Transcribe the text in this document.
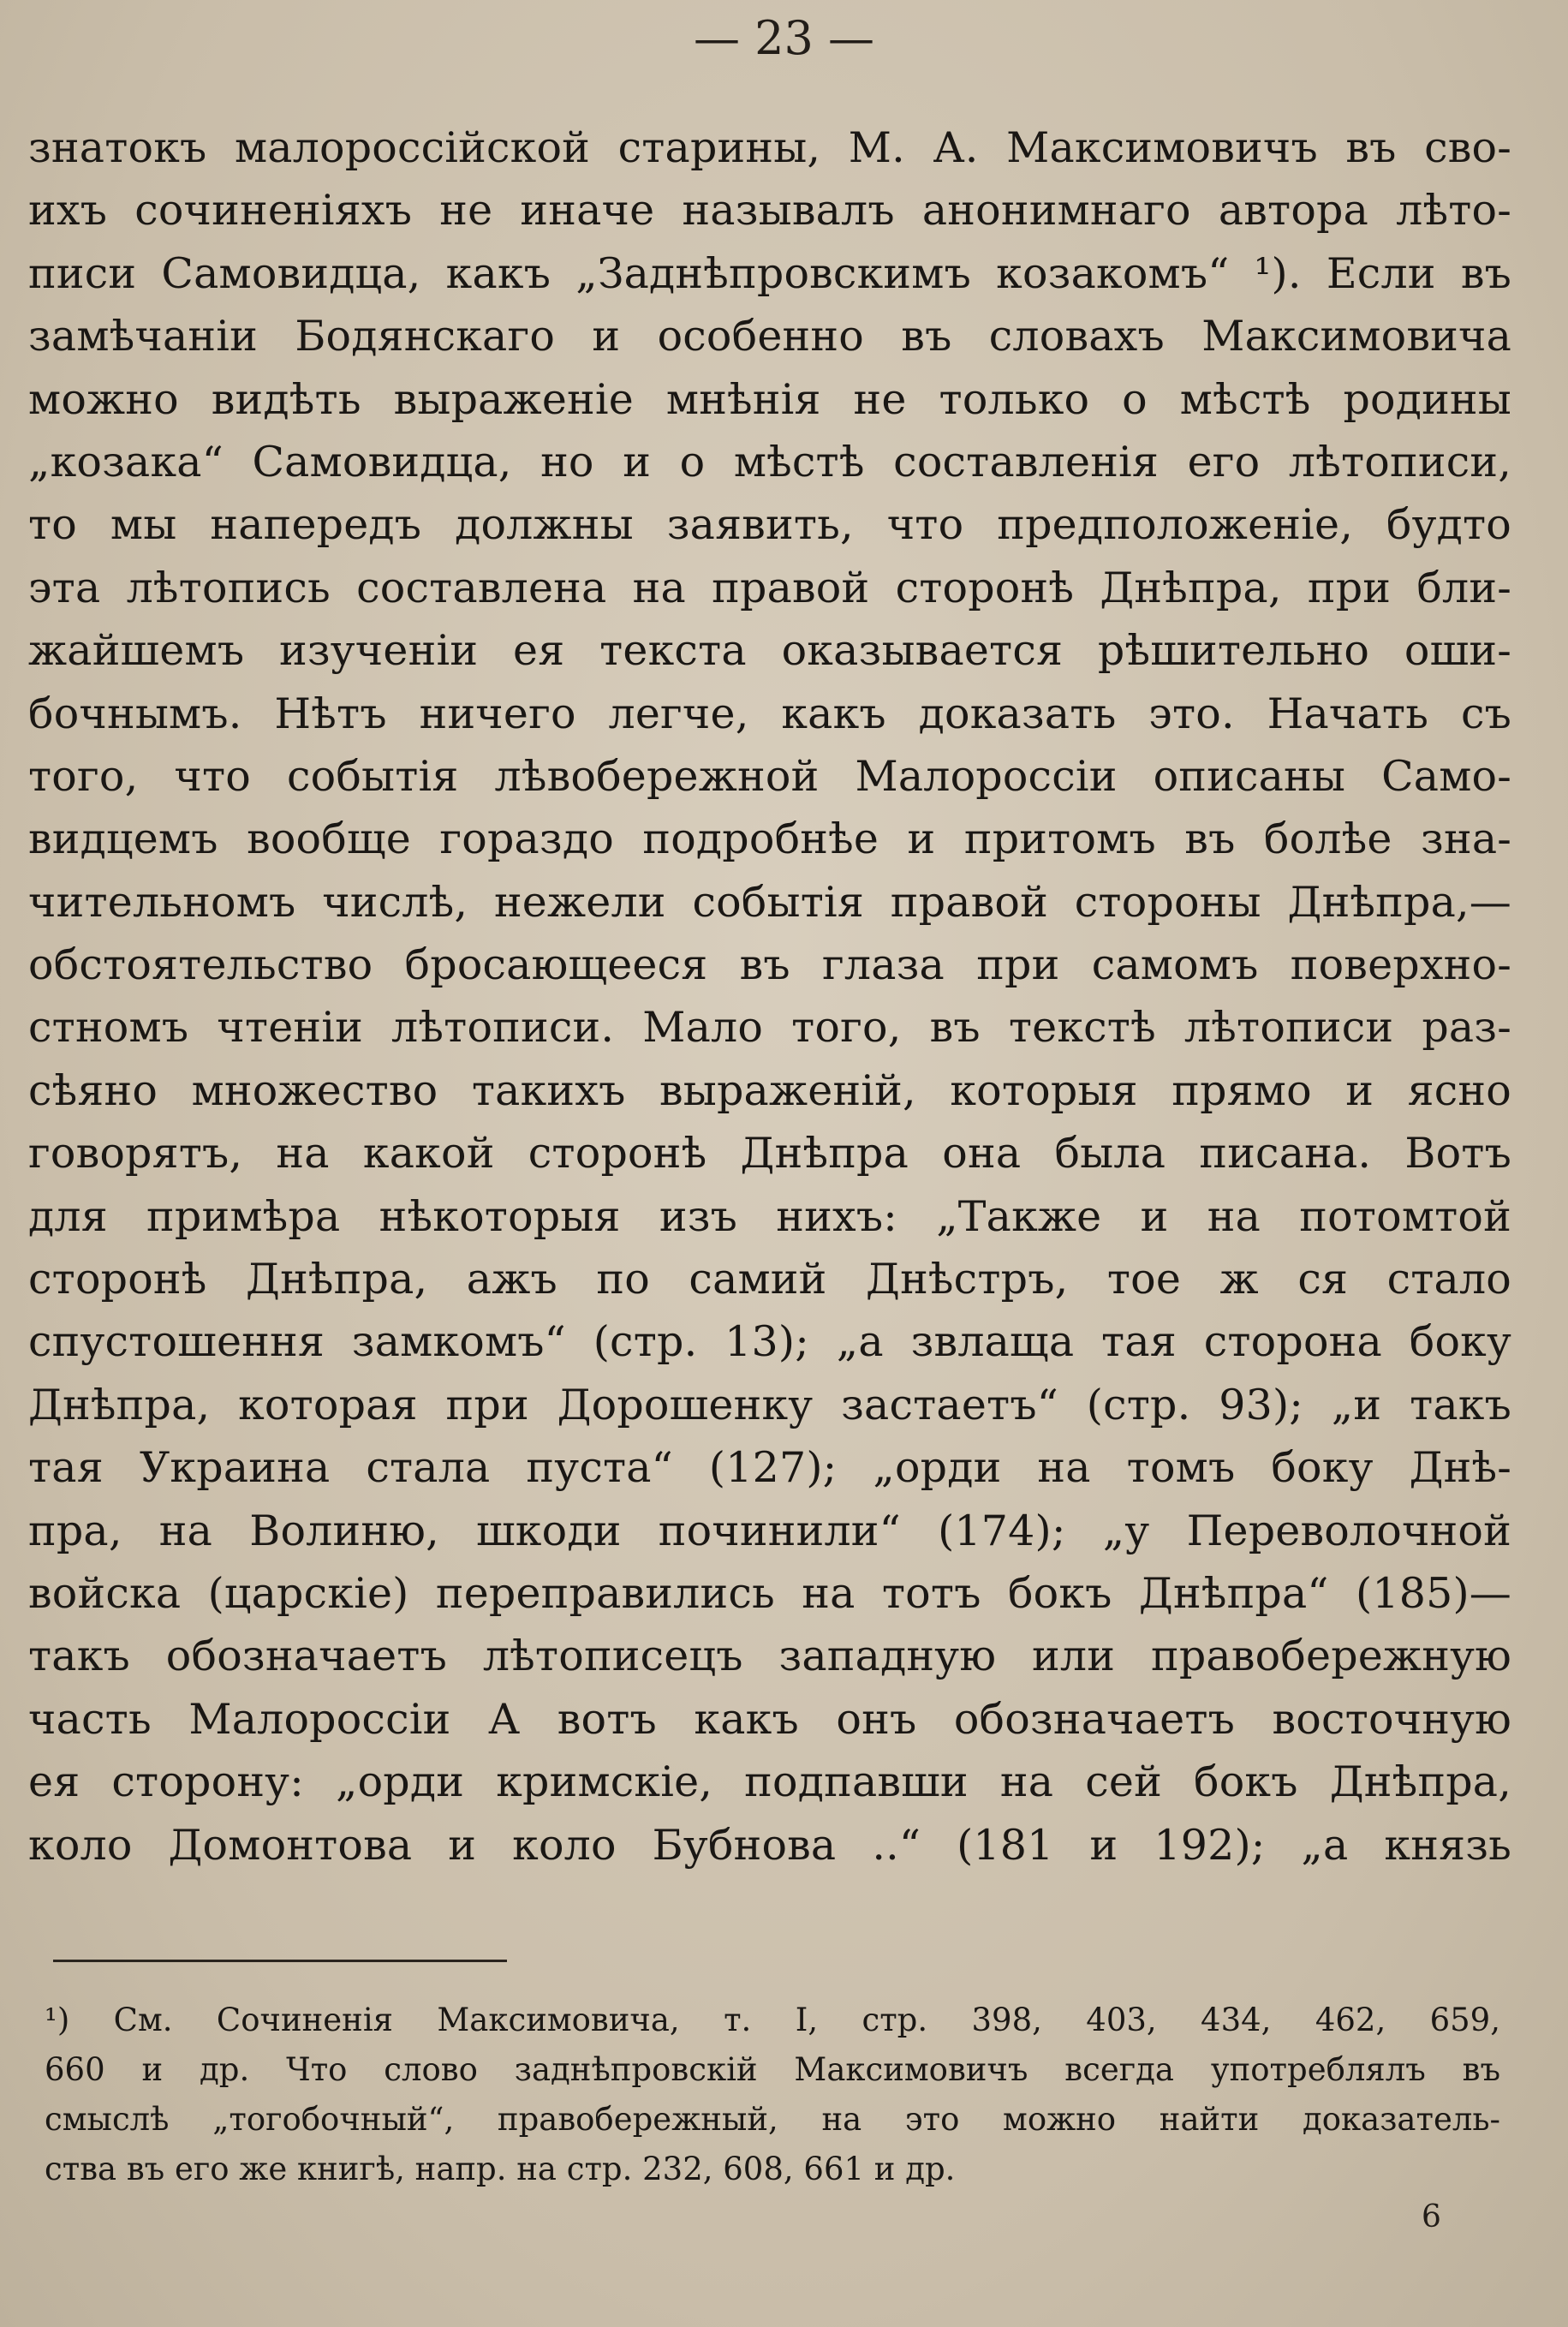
— 23 —
знатокъ малороссійской старины, М. А. Максимовичъ въ сво-
ихъ сочиненіяхъ не иначе называлъ анонимнаго автора лѣто-
писи Самовидца, какъ „Заднѣпровскимъ козакомъ“ ¹). Если въ
замѣчаніи Бодянскаго и особенно въ словахъ Максимовича
можно видѣть выраженіе мнѣнія не только о мѣстѣ родины
„козака“ Самовидца, но и о мѣстѣ составленія его лѣтописи,
то мы напередъ должны заявить, что предположеніе, будто
эта лѣтопись составлена на правой сторонѣ Днѣпра, при бли-
жайшемъ изученіи ея текста оказывается рѣшительно оши-
бочнымъ. Нѣтъ ничего легче, какъ доказать это. Начать съ
того, что событія лѣвобережной Малороссіи описаны Само-
видцемъ вообще гораздо подробнѣе и притомъ въ болѣе зна-
чительномъ числѣ, нежели событія правой стороны Днѣпра,—
обстоятельство бросающееся въ глаза при самомъ поверхно-
стномъ чтеніи лѣтописи. Мало того, въ текстѣ лѣтописи раз-
сѣяно множество такихъ выраженій, которыя прямо и ясно
говорятъ, на какой сторонѣ Днѣпра она была писана. Вотъ
для примѣра нѣкоторыя изъ нихъ: „Также и на потомтой
сторонѣ Днѣпра, ажъ по самий Днѣстръ, тое ж ся стало
спустошення замкомъ“ (стр. 13); „а звлаща тая сторона боку
Днѣпра, которая при Дорошенку застаетъ“ (стр. 93); „и такъ
тая Украина стала пуста“ (127); „орди на томъ боку Днѣ-
пра, на Волиню, шкоди починили“ (174); „у Переволочной
войска (царскіе) переправились на тотъ бокъ Днѣпра“ (185)—
такъ обозначаетъ лѣтописецъ западную или правобережную
часть Малороссіи А вотъ какъ онъ обозначаетъ восточную
ея сторону: „орди кримскіе, подпавши на сей бокъ Днѣпра,
коло Домонтова и коло Бубнова ..“ (181 и 192); „а князь
¹) См. Сочиненія Максимовича, т. I, стр. 398, 403, 434, 462, 659,
660 и др. Что слово заднѣпровскій Максимовичъ всегда употреблялъ въ
смыслѣ „тогобочный“, правобережный, на это можно найти доказатель-
ства въ его же книгѣ, напр. на стр. 232, 608, 661 и др.
6
